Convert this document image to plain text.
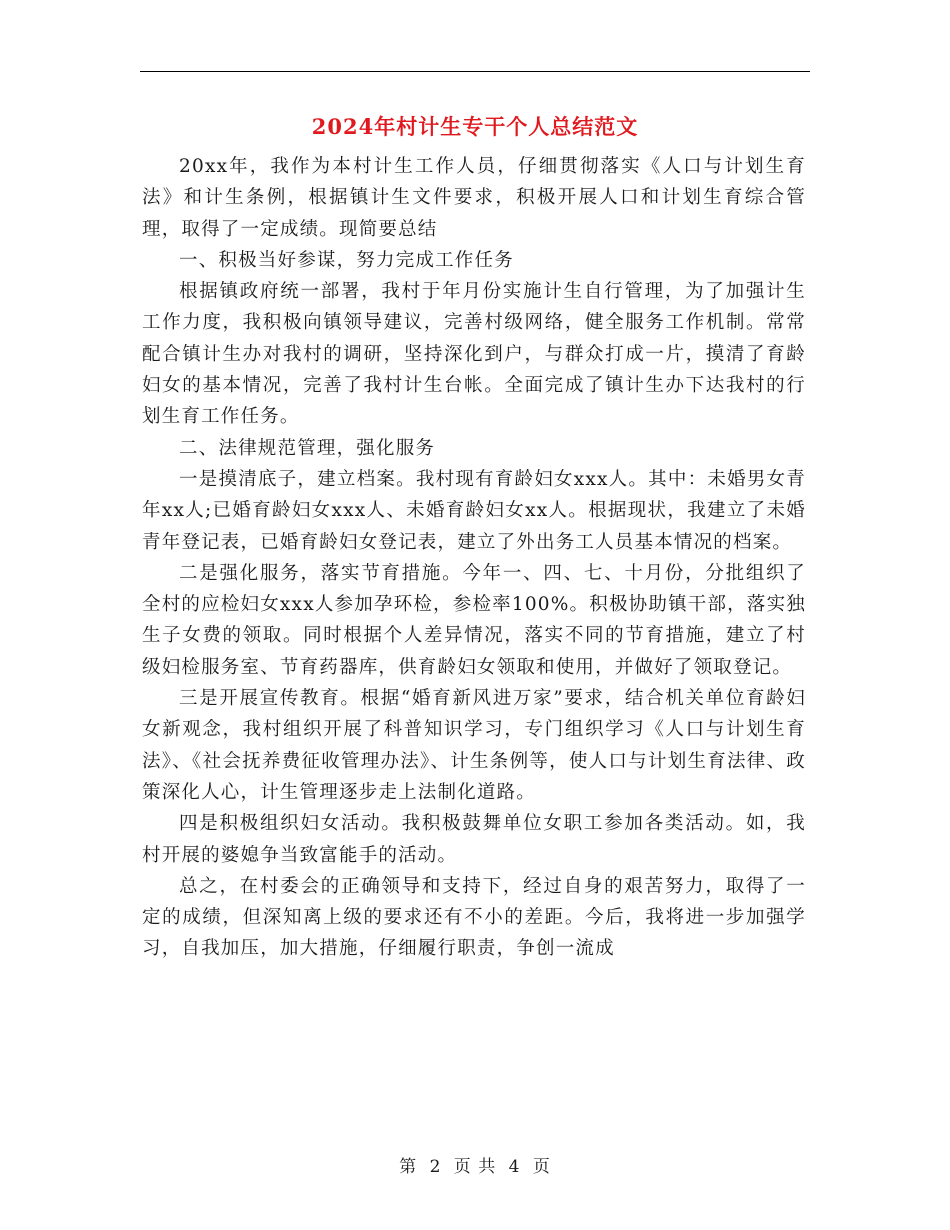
2024年村计生专干个人总结范文

20xx年，我作为本村计生工作人员，仔细贯彻落实《人口与计划生育法》和计生条例，根据镇计生文件要求，积极开展人口和计划生育综合管理，取得了一定成绩。现简要总结

一、积极当好参谋，努力完成工作任务

根据镇政府统一部署，我村于年月份实施计生自行管理，为了加强计生工作力度，我积极向镇领导建议，完善村级网络，健全服务工作机制。常常配合镇计生办对我村的调研，坚持深化到户，与群众打成一片，摸清了育龄妇女的基本情况，完善了我村计生台帐。全面完成了镇计生办下达我村的行划生育工作任务。

二、法律规范管理，强化服务

一是摸清底子，建立档案。我村现有育龄妇女xxx人。其中：未婚男女青年xx人;已婚育龄妇女xxx人、未婚育龄妇女xx人。根据现状，我建立了未婚青年登记表，已婚育龄妇女登记表，建立了外出务工人员基本情况的档案。

二是强化服务，落实节育措施。今年一、四、七、十月份，分批组织了全村的应检妇女xxx人参加孕环检，参检率100%。积极协助镇干部，落实独生子女费的领取。同时根据个人差异情况，落实不同的节育措施，建立了村级妇检服务室、节育药器库，供育龄妇女领取和使用，并做好了领取登记。

三是开展宣传教育。根据“婚育新风进万家”要求，结合机关单位育龄妇女新观念，我村组织开展了科普知识学习，专门组织学习《人口与计划生育法》、《社会抚养费征收管理办法》、计生条例等，使人口与计划生育法律、政策深化人心，计生管理逐步走上法制化道路。

四是积极组织妇女活动。我积极鼓舞单位女职工参加各类活动。如，我村开展的婆媳争当致富能手的活动。

总之，在村委会的正确领导和支持下，经过自身的艰苦努力，取得了一定的成绩，但深知离上级的要求还有不小的差距。今后，我将进一步加强学习，自我加压，加大措施，仔细履行职责，争创一流成

第 2 页 共 4 页
